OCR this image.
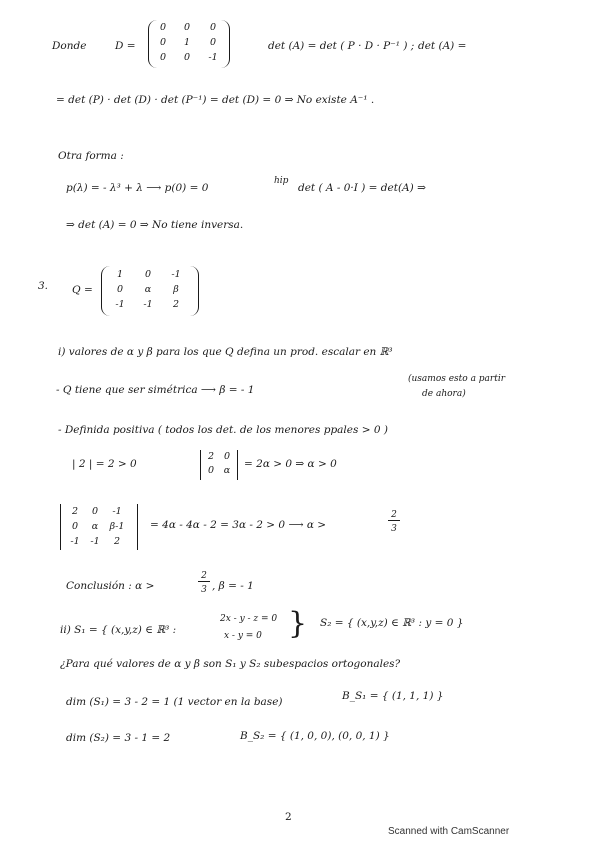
Donde	D =
0	0	0
0	1	0
0	0	-1
det (A) = det ( P · D · P⁻¹ ) ; det (A) =
= det (P) · det (D) · det (P⁻¹) = det (D) = 0 ⇒ No existe A⁻¹ .
Otra forma :
p(λ) = - λ³ + λ ⟶ p(0) = 0
hip
det ( A - 0·I ) = det(A) ⇒
⇒ det (A) = 0 ⇒ No tiene inversa.
3. Q =
1	0	-1
0	α	β
-1	-1	2
i) valores de α y β para los que Q defina un prod. escalar en ℝ³
- Q tiene que ser simétrica ⟶ β = - 1
(usamos esto a partir
de ahora)
- Definida positiva ( todos los det. de los menores ppales > 0 )
| 2 | = 2 > 0
2	0
0	α
= 2α > 0 ⇒ α > 0
2	0	-1
0	α	β-1
-1	-1	2
= 4α - 4α - 2 = 3α - 2 > 0 ⟶ α >
2
3
Conclusión : α >
2
3 , β = - 1
ii) S₁ = { (x,y,z) ∈ ℝ³ :
2x - y - z = 0
x - y = 0 } S₂ = { (x,y,z) ∈ ℝ³ : y = 0 }
¿Para qué valores de α y β son S₁ y S₂ subespacios ortogonales?
dim (S₁) = 3 - 2 = 1 (1 vector en la base)	B_S₁ = { (1, 1, 1) }
dim (S₂) = 3 - 1 = 2	B_S₂ = { (1, 0, 0), (0, 0, 1) }
2
Scanned with CamScanner
